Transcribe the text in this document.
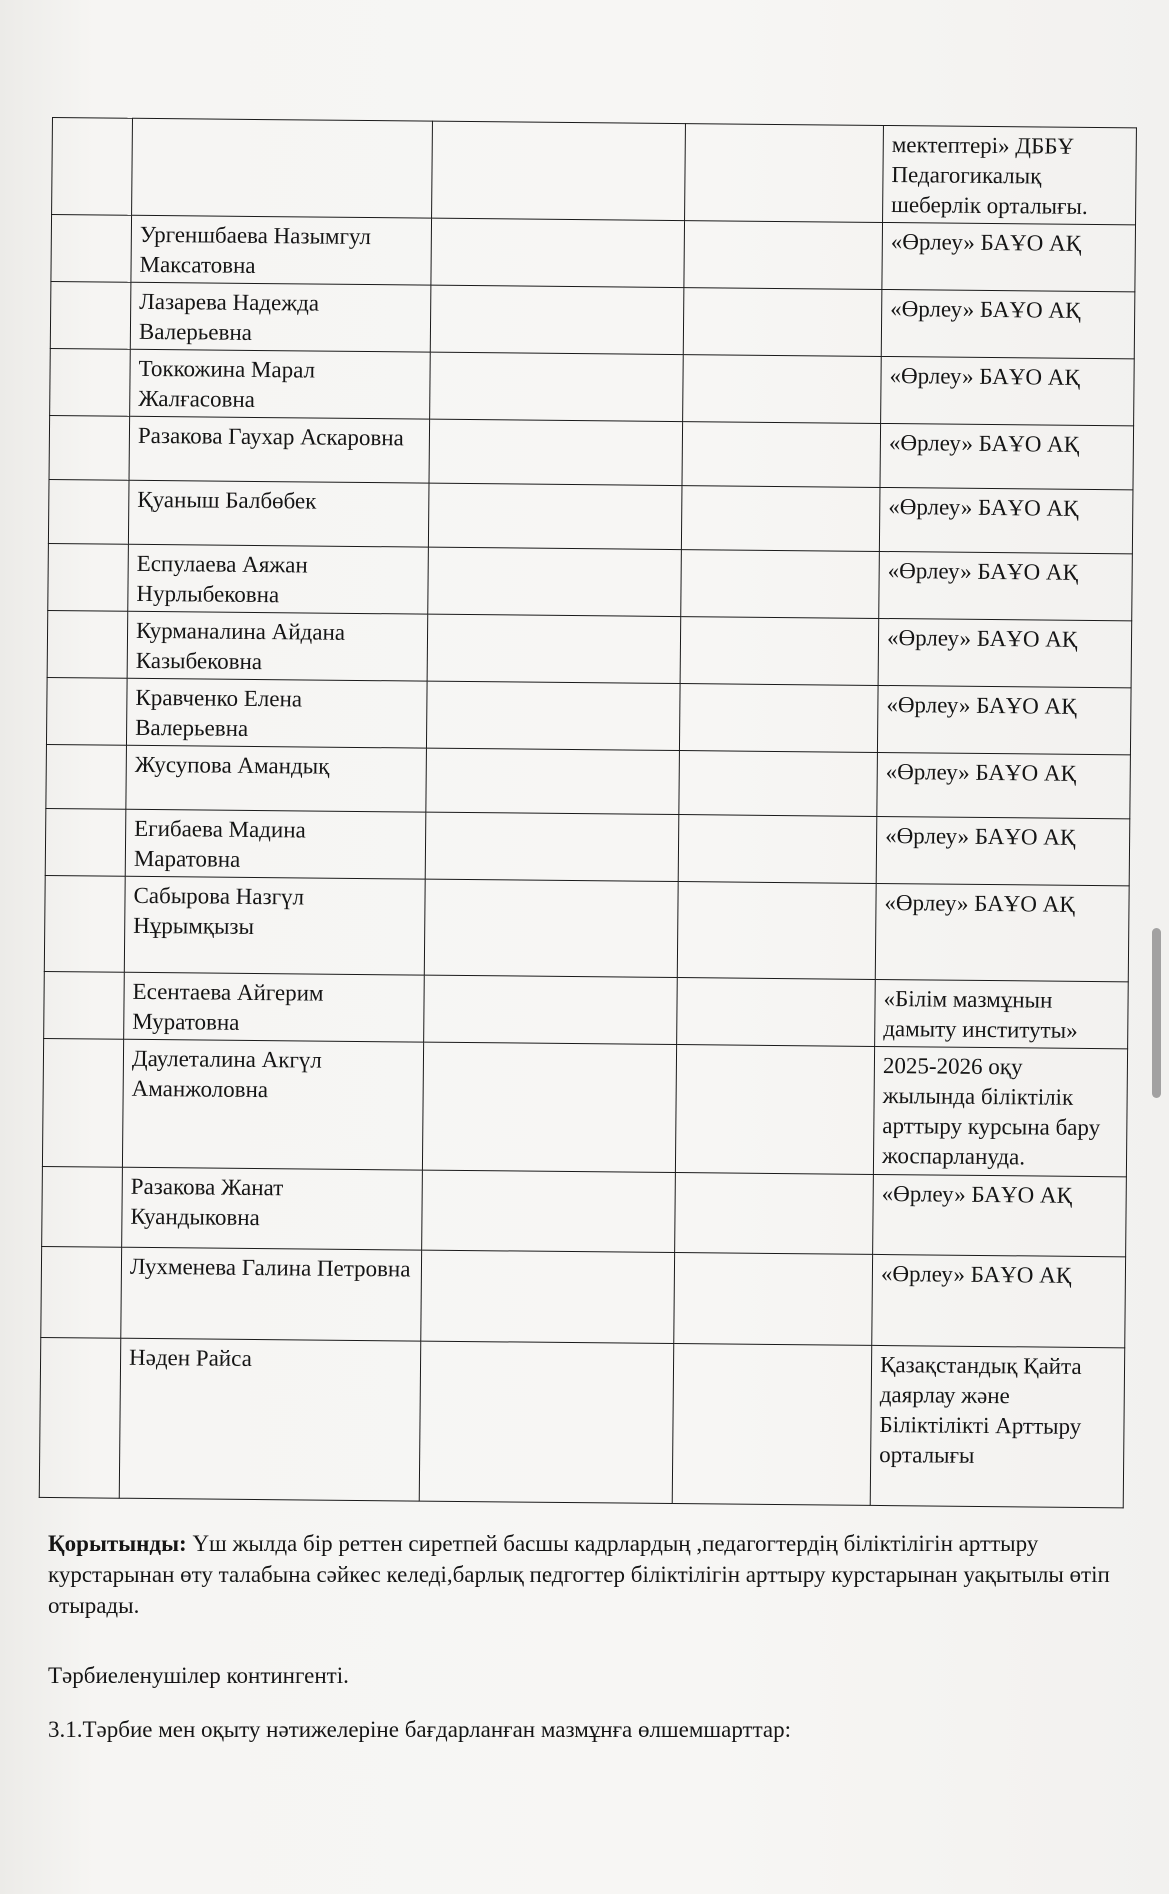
				мектептері» ДББҰ Педагогикалық шеберлік орталығы.
	Ургеншбаева Назымгул Максатовна			«Өрлеу» БАҰО АҚ
	Лазарева Надежда Валерьевна			«Өрлеу» БАҰО АҚ
	Токкожина Марал Жалғасовна			«Өрлеу» БАҰО АҚ
	Разакова Гаухар Аскаровна			«Өрлеу» БАҰО АҚ
	Қуаныш Балбөбек			«Өрлеу» БАҰО АҚ
	Еспулаева Аяжан Нурлыбековна			«Өрлеу» БАҰО АҚ
	Курманалина Айдана Казыбековна			«Өрлеу» БАҰО АҚ
	Кравченко Елена Валерьевна			«Өрлеу» БАҰО АҚ
	Жусупова Амандық			«Өрлеу» БАҰО АҚ
	Егибаева Мадина Маратовна			«Өрлеу» БАҰО АҚ
	Сабырова Назгүл Нұрымқызы			«Өрлеу» БАҰО АҚ
	Есентаева Айгерим Муратовна			«Білім мазмұнын дамыту институты»
	Даулеталина Акгүл Аманжоловна			2025-2026 оқу жылында біліктілік арттыру курсына бару жоспарлануда.
	Разакова Жанат Куандыковна			«Өрлеу» БАҰО АҚ
	Лухменева Галина Петровна			«Өрлеу» БАҰО АҚ
	Нәден Райса			Қазақстандық Қайта даярлау және Біліктілікті Арттыру орталығы
Қорытынды: Үш жылда бір реттен сиретпей басшы кадрлардың ,педагогтердің біліктілігін арттыру курстарынан өту талабына сәйкес келеді,барлық педгогтер біліктілігін арттыру курстарынан уақытылы өтіп отырады.
Тәрбиеленушілер контингенті.
3.1.Тәрбие мен оқыту нәтижелеріне бағдарланған мазмұнға өлшемшарттар:
